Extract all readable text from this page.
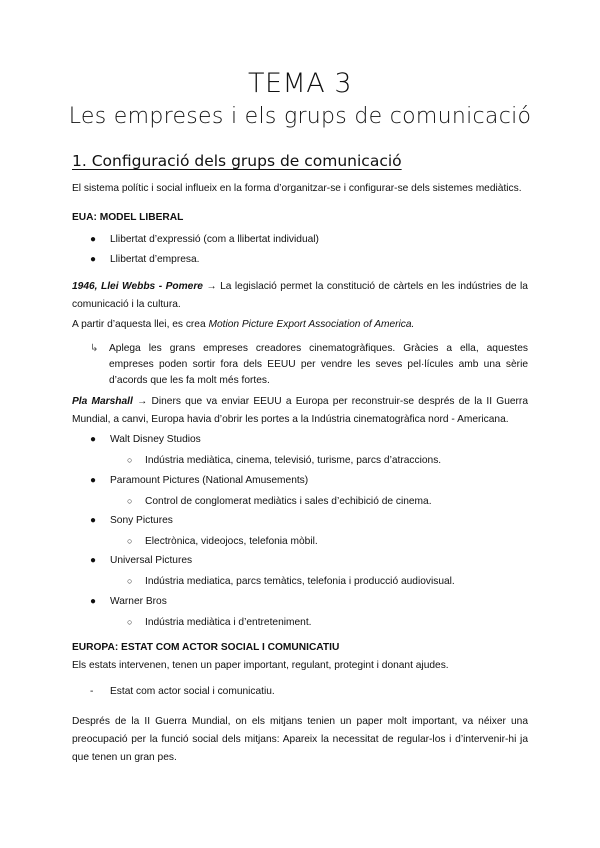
TEMA 3
Les empreses i els grups de comunicació
1. Configuració dels grups de comunicació
El sistema polític i social influeix en la forma d’organitzar-se i configurar-se dels sistemes mediàtics.
EUA: MODEL LIBERAL
● Llibertat d’expressió (com a llibertat individual)
● Llibertat d’empresa.
1946, Llei Webbs - Pomere → La legislació permet la constitució de càrtels en les indústries de la comunicació i la cultura.
A partir d’aquesta llei, es crea Motion Picture Export Association of America.
↳ Aplega les grans empreses creadores cinematogràfiques. Gràcies a ella, aquestes empreses poden sortir fora dels EEUU per vendre les seves pel·lícules amb una sèrie d’acords que les fa molt més fortes.
Pla Marshall → Diners que va enviar EEUU a Europa per reconstruir-se després de la II Guerra Mundial, a canvi, Europa havia d’obrir les portes a la Indústria cinematogràfica nord - Americana.
● Walt Disney Studios
○ Indústria mediàtica, cinema, televisió, turisme, parcs d’atraccions.
● Paramount Pictures (National Amusements)
○ Control de conglomerat mediàtics i sales d’echibició de cinema.
● Sony Pictures
○ Electrònica, videojocs, telefonia mòbil.
● Universal Pictures
○ Indústria mediatica, parcs temàtics, telefonia i producció audiovisual.
● Warner Bros
○ Indústria mediàtica i d’entreteniment.
EUROPA: ESTAT COM ACTOR SOCIAL I COMUNICATIU
Els estats intervenen, tenen un paper important, regulant, protegint i donant ajudes.
- Estat com actor social i comunicatiu.
Després de la II Guerra Mundial, on els mitjans tenien un paper molt important, va néixer una preocupació per la funció social dels mitjans: Apareix la necessitat de regular-los i d’intervenir-hi ja que tenen un gran pes.
